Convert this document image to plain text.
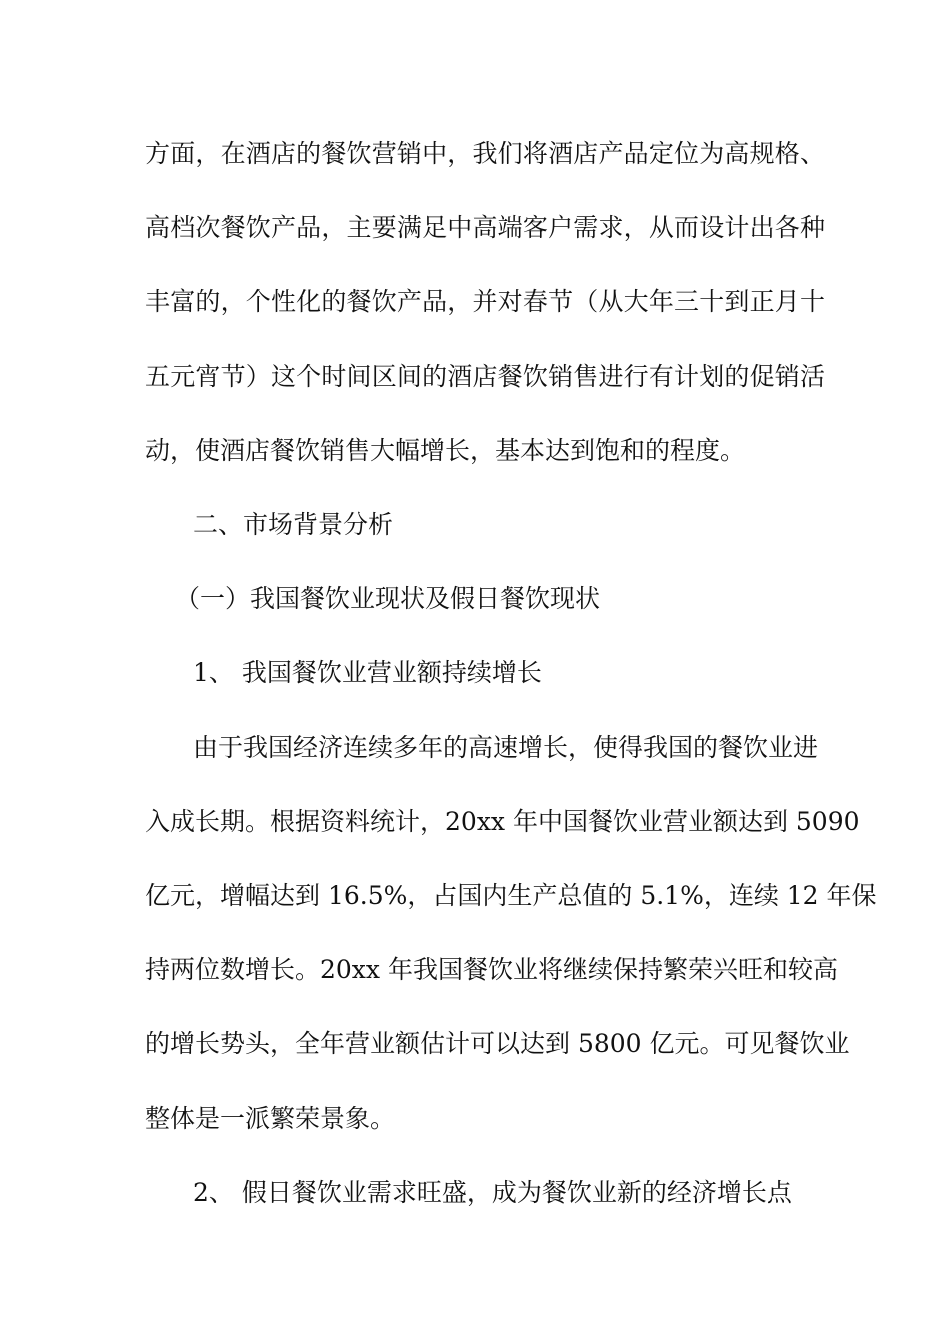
方面，在酒店的餐饮营销中，我们将酒店产品定位为高规格、
高档次餐饮产品，主要满足中高端客户需求，从而设计出各种
丰富的，个性化的餐饮产品，并对春节（从大年三十到正月十
五元宵节）这个时间区间的酒店餐饮销售进行有计划的促销活
动，使酒店餐饮销售大幅增长，基本达到饱和的程度。
二、市场背景分析
（一）我国餐饮业现状及假日餐饮现状
1、 我国餐饮业营业额持续增长
由于我国经济连续多年的高速增长，使得我国的餐饮业进
入成长期。根据资料统计，20xx 年中国餐饮业营业额达到 5090
亿元，增幅达到 16.5%，占国内生产总值的 5.1%，连续 12 年保
持两位数增长。20xx 年我国餐饮业将继续保持繁荣兴旺和较高
的增长势头，全年营业额估计可以达到 5800 亿元。可见餐饮业
整体是一派繁荣景象。
2、 假日餐饮业需求旺盛，成为餐饮业新的经济增长点
